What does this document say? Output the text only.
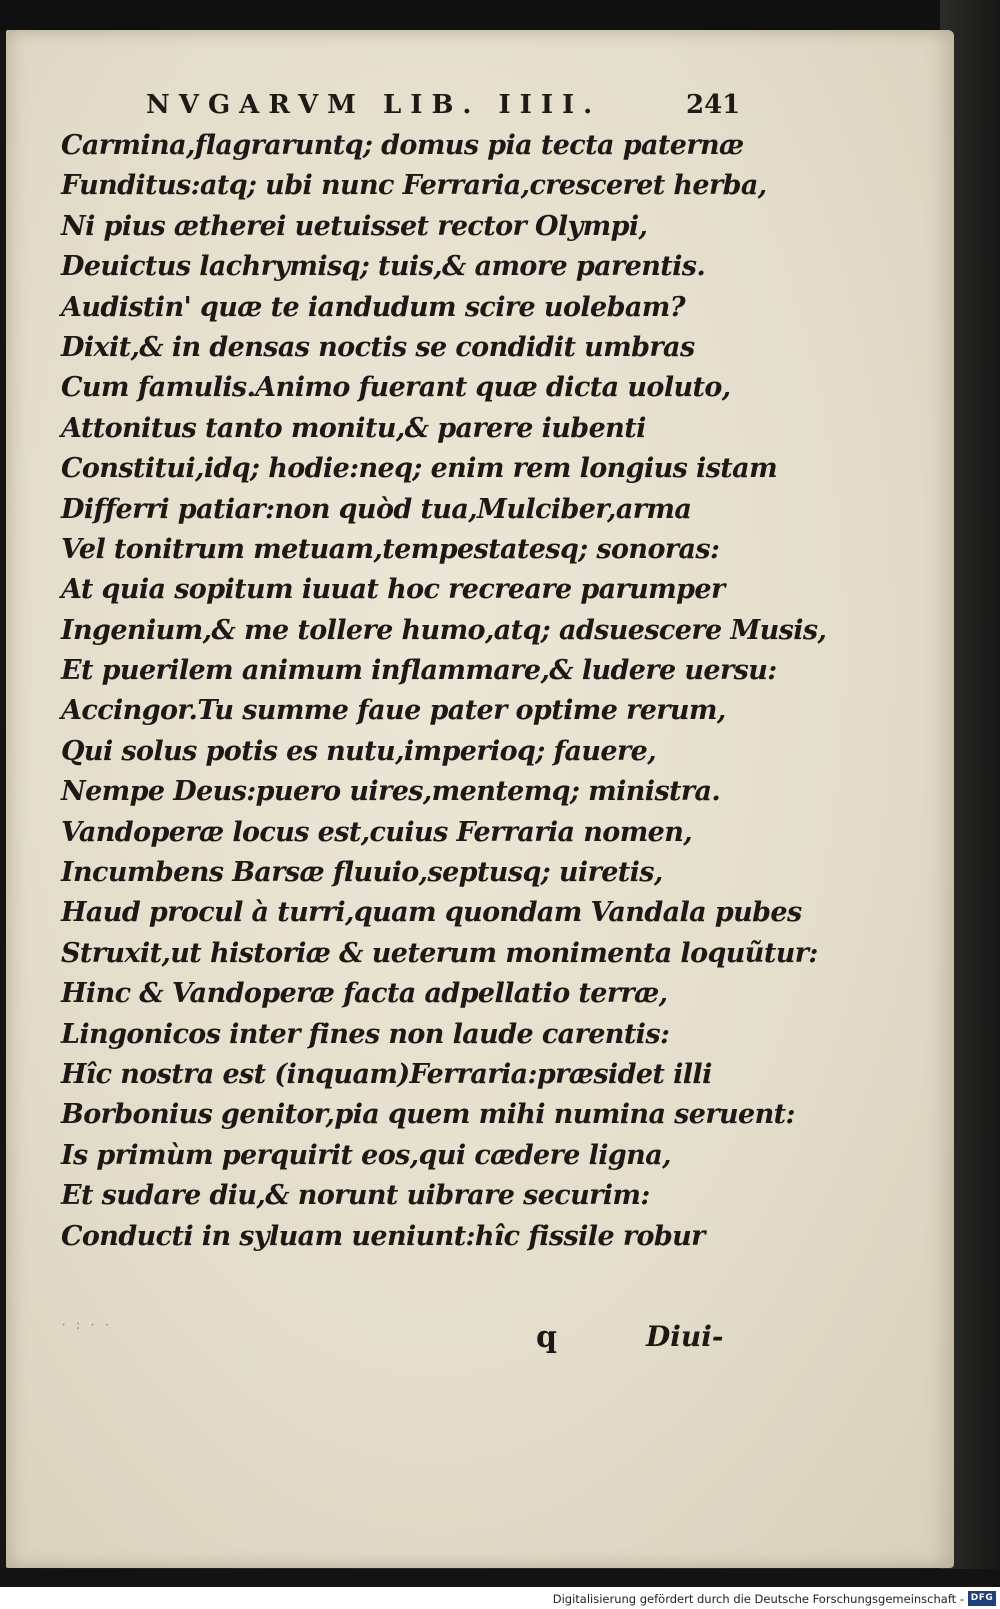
NVGARVM LIB. IIII.	241
Carmina,flagraruntq; domus pia tecta paternæ
Funditus:atq; ubi nunc Ferraria,cresceret herba,
Ni pius ætherei uetuisset rector Olympi,
Deuictus lachrymisq; tuis,& amore parentis.
Audistin' quæ te iandudum scire uolebam?
Dixit,& in densas noctis se condidit umbras
Cum famulis.Animo fuerant quæ dicta uoluto,
Attonitus tanto monitu,& parere iubenti
Constitui,idq; hodie:neq; enim rem longius istam
Differri patiar:non quòd tua,Mulciber,arma
Vel tonitrum metuam,tempestatesq; sonoras:
At quia sopitum iuuat hoc recreare parumper
Ingenium,& me tollere humo,atq; adsuescere Musis,
Et puerilem animum inflammare,& ludere uersu:
Accingor.Tu summe faue pater optime rerum,
Qui solus potis es nutu,imperioq; fauere,
Nempe Deus:puero uires,mentemq; ministra.
Vandoperæ locus est,cuius Ferraria nomen,
Incumbens Barsæ fluuio,septusq; uiretis,
Haud procul à turri,quam quondam Vandala pubes
Struxit,ut historiæ & ueterum monimenta loquũtur:
Hinc & Vandoperæ facta adpellatio terræ,
Lingonicos inter fines non laude carentis:
Hîc nostra est (inquam)Ferraria:præsidet illi
Borbonius genitor,pia quem mihi numina seruent:
Is primùm perquirit eos,qui cædere ligna,
Et sudare diu,& norunt uibrare securim:
Conducti in syluam ueniunt:hîc fissile robur
· : · ·	q	Diui-
Digitalisierung gefördert durch die Deutsche Forschungsgemeinschaft - DFG
